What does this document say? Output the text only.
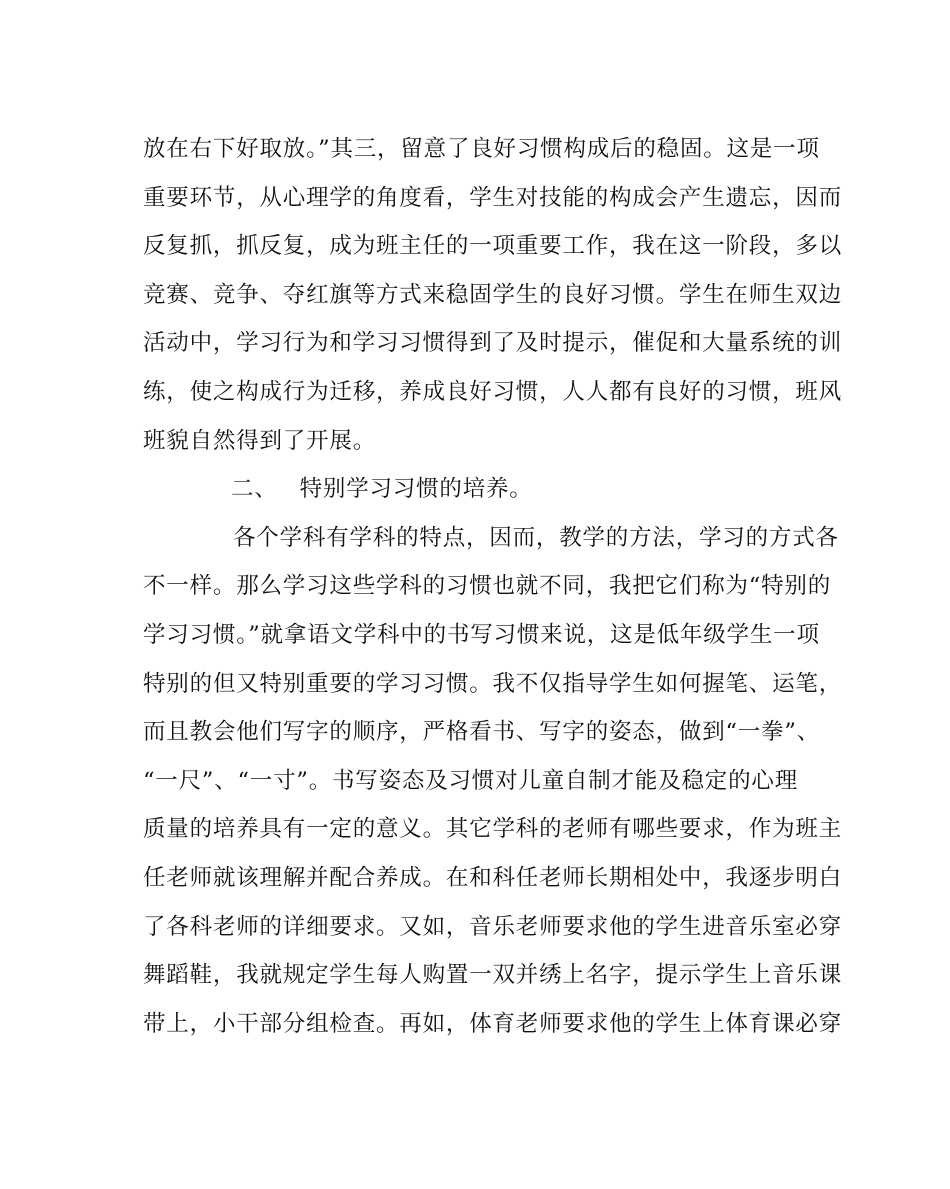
放在右下好取放。”其三，留意了良好习惯构成后的稳固。这是一项
重要环节，从心理学的角度看，学生对技能的构成会产生遗忘，因而
反复抓，抓反复，成为班主任的一项重要工作，我在这一阶段，多以
竞赛、竞争、夺红旗等方式来稳固学生的良好习惯。学生在师生双边
活动中，学习行为和学习习惯得到了及时提示，催促和大量系统的训
练，使之构成行为迁移，养成良好习惯，人人都有良好的习惯，班风
班貌自然得到了开展。
二、 特别学习习惯的培养。
各个学科有学科的特点，因而，教学的方法，学习的方式各
不一样。那么学习这些学科的习惯也就不同，我把它们称为“特别的
学习习惯。”就拿语文学科中的书写习惯来说，这是低年级学生一项
特别的但又特别重要的学习习惯。我不仅指导学生如何握笔、运笔，
而且教会他们写字的顺序，严格看书、写字的姿态，做到“一拳”、
“一尺”、“一寸”。书写姿态及习惯对儿童自制才能及稳定的心理
质量的培养具有一定的意义。其它学科的老师有哪些要求，作为班主
任老师就该理解并配合养成。在和科任老师长期相处中，我逐步明白
了各科老师的详细要求。又如，音乐老师要求他的学生进音乐室必穿
舞蹈鞋，我就规定学生每人购置一双并绣上名字，提示学生上音乐课
带上，小干部分组检查。再如，体育老师要求他的学生上体育课必穿
